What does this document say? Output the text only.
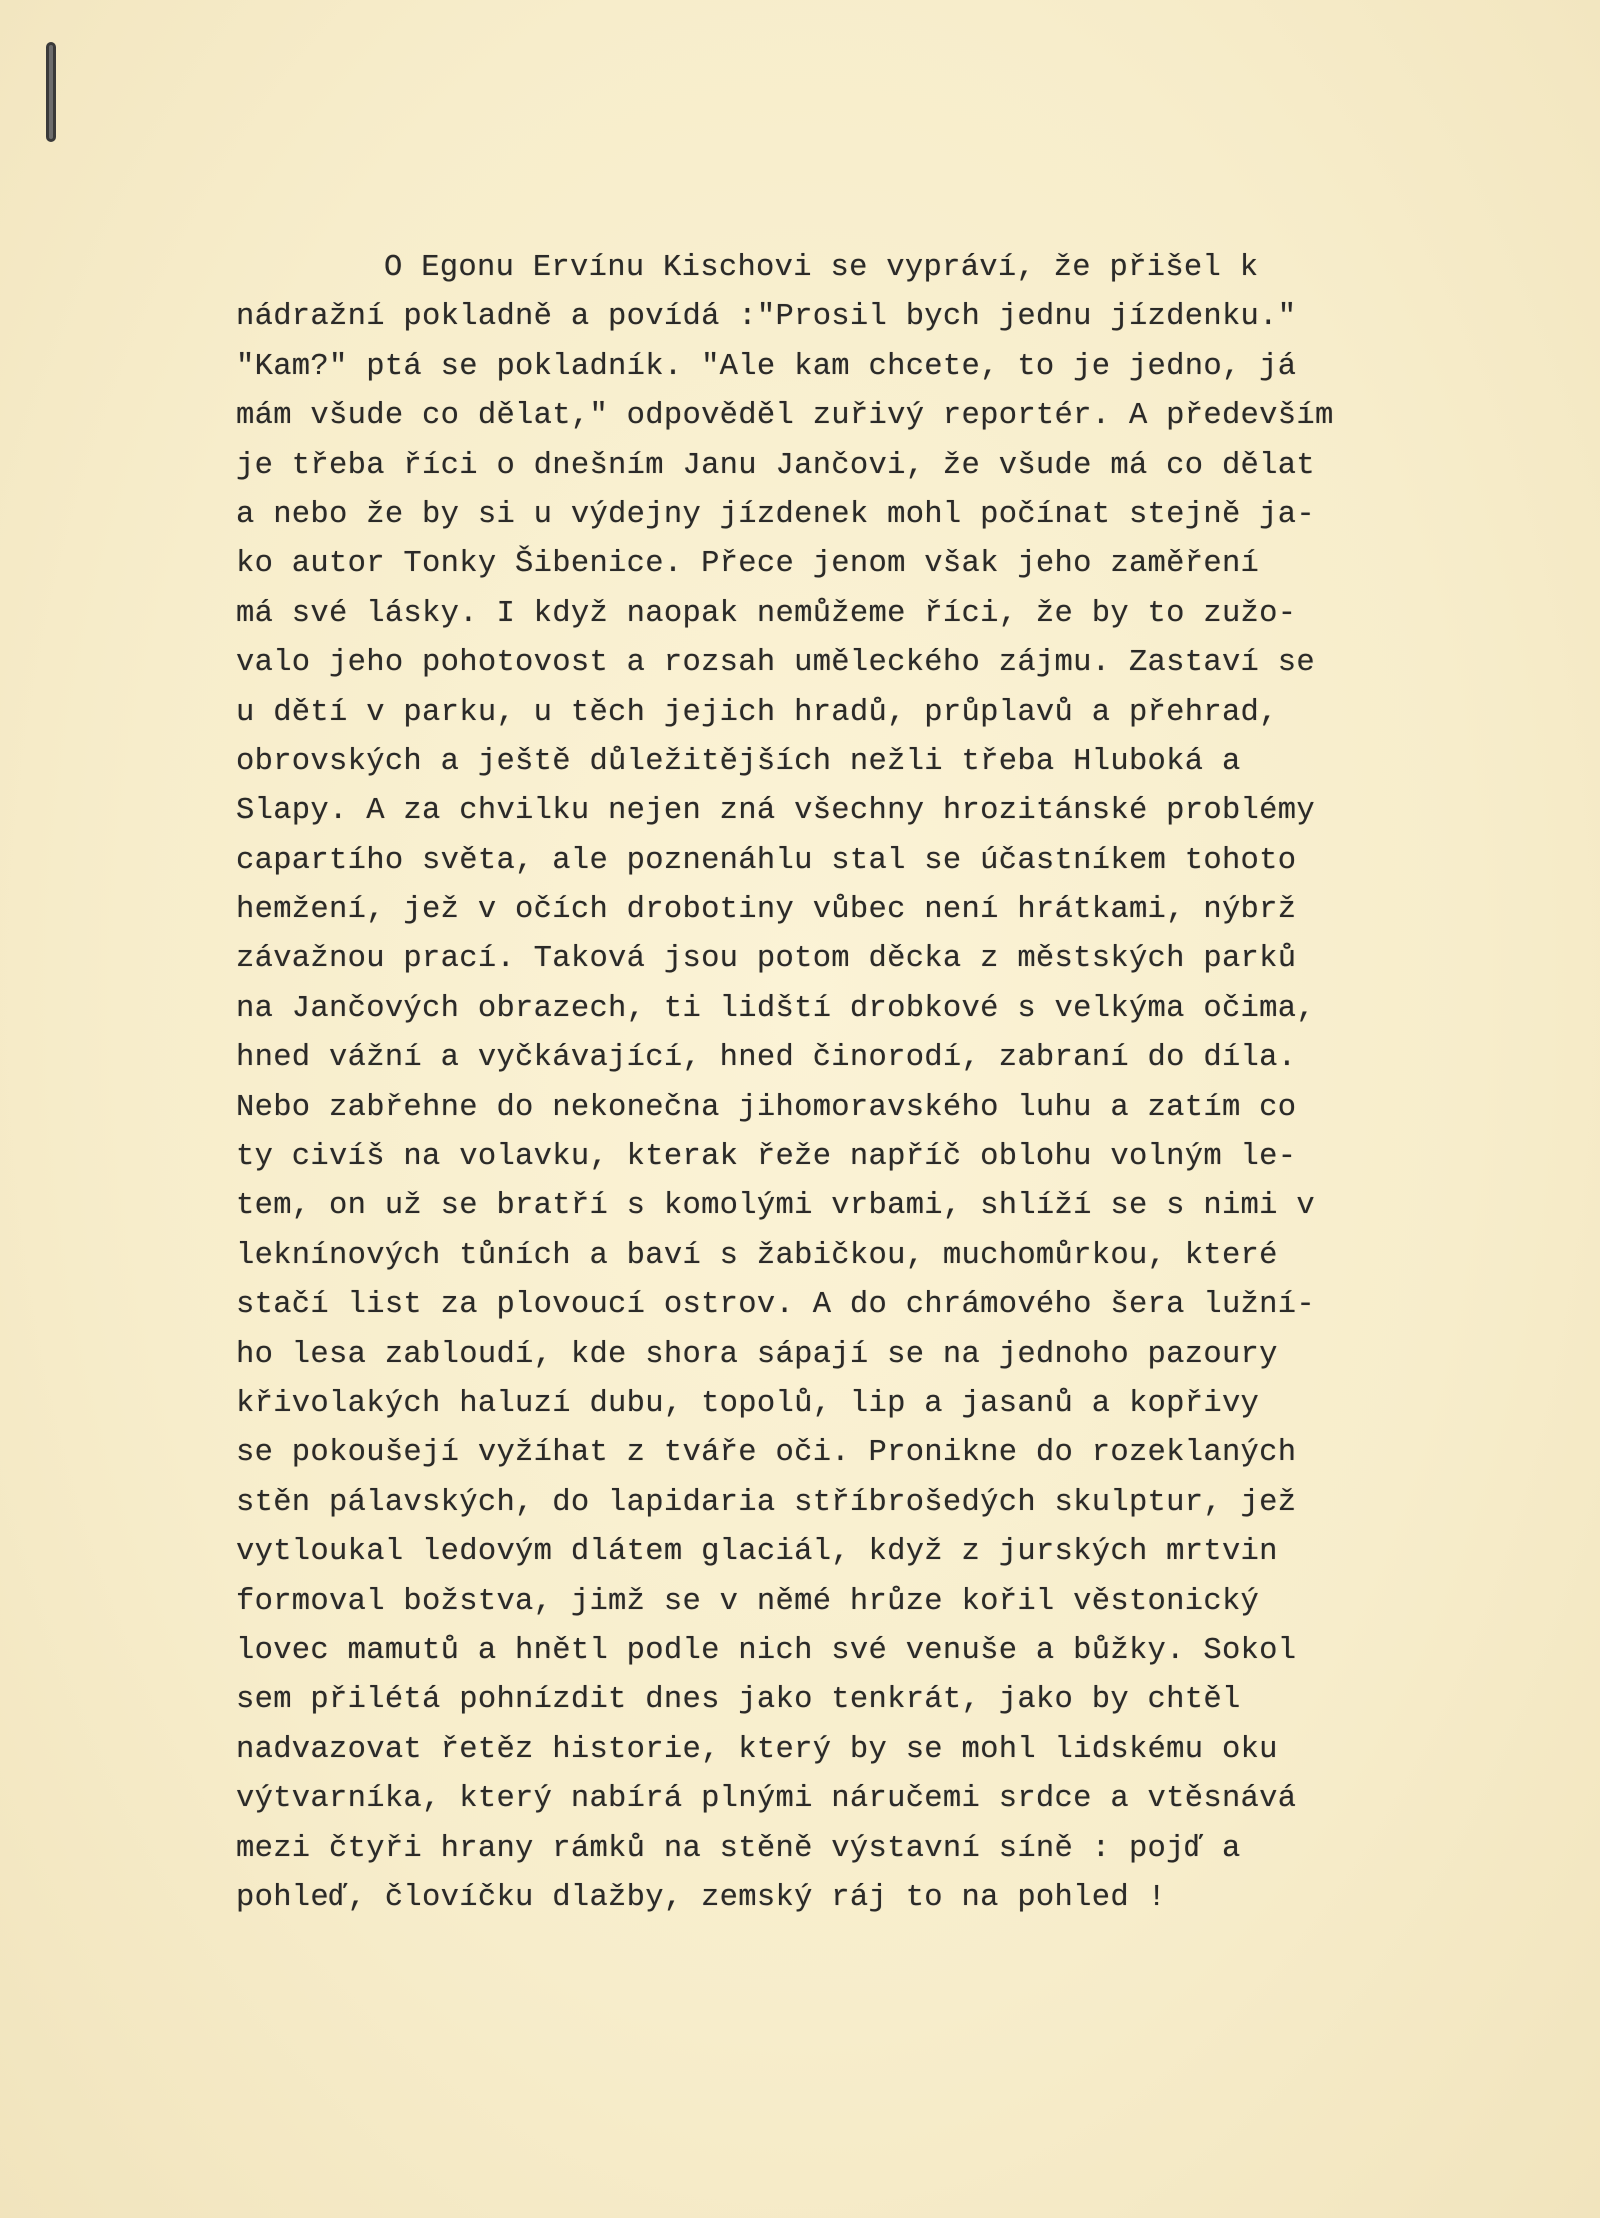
O Egonu Ervínu Kischovi se vypráví, že přišel k
nádražní pokladně a povídá :"Prosil bych jednu jízdenku."
"Kam?" ptá se pokladník. "Ale kam chcete, to je jedno, já
mám všude co dělat," odpověděl zuřivý reportér. A především
je třeba říci o dnešním Janu Jančovi, že všude má co dělat
a nebo že by si u výdejny jízdenek mohl počínat stejně ja-
ko autor Tonky Šibenice. Přece jenom však jeho zaměření
má své lásky. I když naopak nemůžeme říci, že by to zužo-
valo jeho pohotovost a rozsah uměleckého zájmu. Zastaví se
u dětí v parku, u těch jejich hradů, průplavů a přehrad,
obrovských a ještě důležitějších nežli třeba Hluboká a
Slapy. A za chvilku nejen zná všechny hrozitánské problémy
capartího světa, ale poznenáhlu stal se účastníkem tohoto
hemžení, jež v očích drobotiny vůbec není hrátkami, nýbrž
závažnou prací. Taková jsou potom děcka z městských parků
na Jančových obrazech, ti lidští drobkové s velkýma očima,
hned vážní a vyčkávající, hned činorodí, zabraní do díla.
Nebo zabřehne do nekonečna jihomoravského luhu a zatím co
ty civíš na volavku, kterak řeže napříč oblohu volným le-
tem, on už se bratří s komolými vrbami, shlíží se s nimi v
leknínových tůních a baví s žabičkou, muchomůrkou, které
stačí list za plovoucí ostrov. A do chrámového šera lužní-
ho lesa zabloudí, kde shora sápají se na jednoho pazoury
křivolakých haluzí dubu, topolů, lip a jasanů a kopřivy
se pokoušejí vyžíhat z tváře oči. Pronikne do rozeklaných
stěn pálavských, do lapidaria stříbrošedých skulptur, jež
vytloukal ledovým dlátem glaciál, když z jurských mrtvin
formoval božstva, jimž se v němé hrůze kořil věstonický
lovec mamutů a hnětl podle nich své venuše a bůžky. Sokol
sem přilétá pohnízdit dnes jako tenkrát, jako by chtěl
nadvazovat řetěz historie, který by se mohl lidskému oku
výtvarníka, který nabírá plnými náručemi srdce a vtěsnává
mezi čtyři hrany rámků na stěně výstavní síně : pojď a
pohleď, človíčku dlažby, zemský ráj to na pohled !
